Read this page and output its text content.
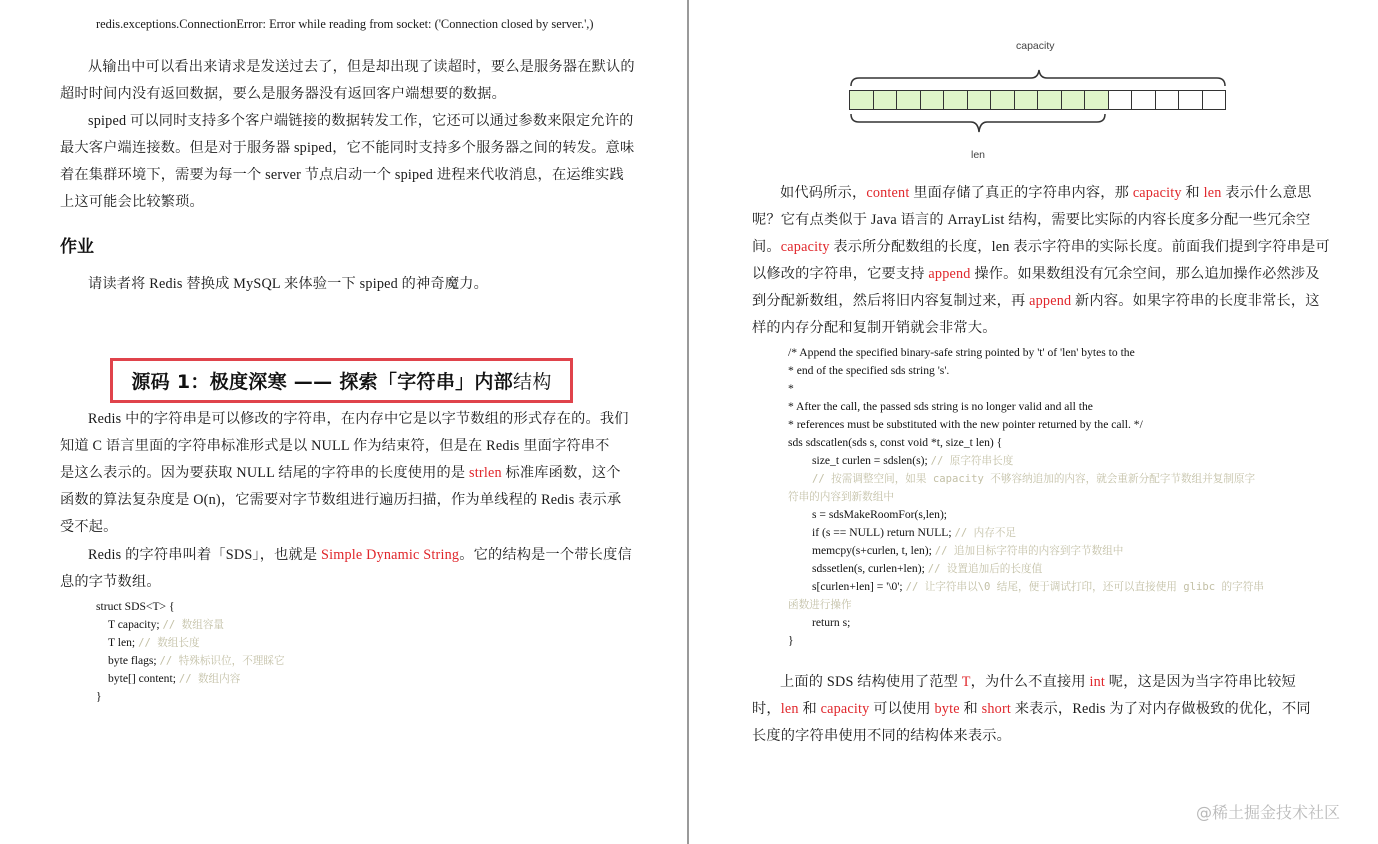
redis.exceptions.ConnectionError: Error while reading from socket: ('Connection closed by server.',)
从输出中可以看出来请求是发送过去了，但是却出现了读超时，要么是服务器在默认的
超时时间内没有返回数据，要么是服务器没有返回客户端想要的数据。
spiped 可以同时支持多个客户端链接的数据转发工作，它还可以通过参数来限定允许的
最大客户端连接数。但是对于服务器 spiped，它不能同时支持多个服务器之间的转发。意味
着在集群环境下，需要为每一个 server 节点启动一个 spiped 进程来代收消息，在运维实践
上这可能会比较繁琐。
作业
请读者将 Redis 替换成 MySQL 来体验一下 spiped 的神奇魔力。
源码 1：极度深寒 —— 探索「字符串」内部结构
Redis 中的字符串是可以修改的字符串，在内存中它是以字节数组的形式存在的。我们
知道 C 语言里面的字符串标准形式是以 NULL 作为结束符，但是在 Redis 里面字符串不
是这么表示的。因为要获取 NULL 结尾的字符串的长度使用的是 strlen 标准库函数，这个
函数的算法复杂度是 O(n)，它需要对字节数组进行遍历扫描，作为单线程的 Redis 表示承
受不起。
Redis 的字符串叫着「SDS」，也就是 Simple Dynamic String。它的结构是一个带长度信
息的字节数组。
struct SDS<T> {
T capacity; // 数组容量
T len; // 数组长度
byte flags; // 特殊标识位，不理睬它
byte[] content; // 数组内容
}
capacity
len
如代码所示，content 里面存储了真正的字符串内容，那 capacity 和 len 表示什么意思
呢？它有点类似于 Java 语言的 ArrayList 结构，需要比实际的内容长度多分配一些冗余空
间。capacity 表示所分配数组的长度，len 表示字符串的实际长度。前面我们提到字符串是可
以修改的字符串，它要支持 append 操作。如果数组没有冗余空间，那么追加操作必然涉及
到分配新数组，然后将旧内容复制过来，再 append 新内容。如果字符串的长度非常长，这
样的内存分配和复制开销就会非常大。
/* Append the specified binary-safe string pointed by 't' of 'len' bytes to the
* end of the specified sds string 's'.
*
* After the call, the passed sds string is no longer valid and all the
* references must be substituted with the new pointer returned by the call. */
sds sdscatlen(sds s, const void *t, size_t len) {
size_t curlen = sdslen(s); // 原字符串长度
// 按需调整空间，如果 capacity 不够容纳追加的内容，就会重新分配字节数组并复制原字
符串的内容到新数组中
s = sdsMakeRoomFor(s,len);
if (s == NULL) return NULL; // 内存不足
memcpy(s+curlen, t, len); // 追加目标字符串的内容到字节数组中
sdssetlen(s, curlen+len); // 设置追加后的长度值
s[curlen+len] = '\0'; // 让字符串以\0 结尾，便于调试打印，还可以直接使用 glibc 的字符串
函数进行操作
return s;
}
上面的 SDS 结构使用了范型 T，为什么不直接用 int 呢，这是因为当字符串比较短
时，len 和 capacity 可以使用 byte 和 short 来表示，Redis 为了对内存做极致的优化，不同
长度的字符串使用不同的结构体来表示。
@稀土掘金技术社区
